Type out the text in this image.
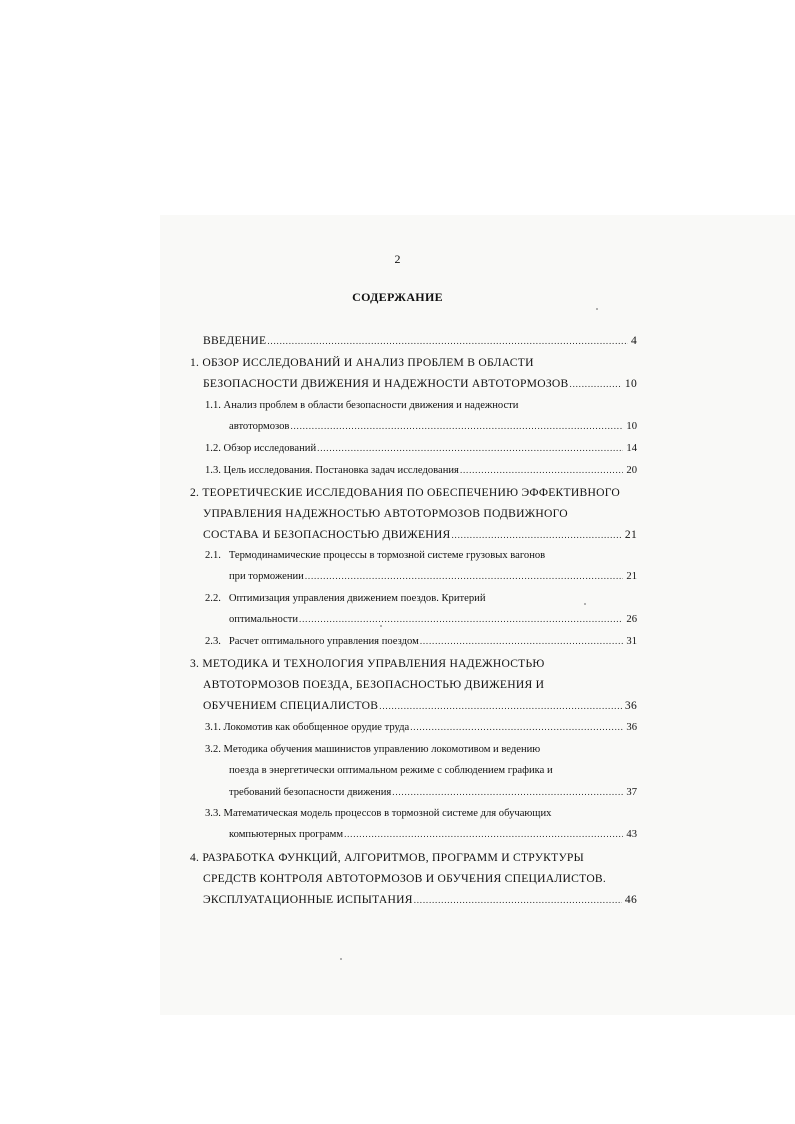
2
СОДЕРЖАНИЕ
ВВЕДЕНИЕ .....	4
1. ОБЗОР ИССЛЕДОВАНИЙ И АНАЛИЗ ПРОБЛЕМ В ОБЛАСТИ
БЕЗОПАСНОСТИ ДВИЖЕНИЯ И НАДЕЖНОСТИ АВТОТОРМОЗОВ .....	10
1.1. Анализ проблем в области безопасности движения и надежности
автотормозов .....	10
1.2. Обзор исследований .....	14
1.3. Цель исследования. Постановка задач исследования .....	20
2. ТЕОРЕТИЧЕСКИЕ ИССЛЕДОВАНИЯ ПО ОБЕСПЕЧЕНИЮ ЭФФЕКТИВНОГО
УПРАВЛЕНИЯ НАДЕЖНОСТЬЮ АВТОТОРМОЗОВ ПОДВИЖНОГО
СОСТАВА И БЕЗОПАСНОСТЬЮ ДВИЖЕНИЯ .....	21
2.1.   Термодинамические процессы в тормозной системе грузовых вагонов
при торможении .....	21
2.2.   Оптимизация управления движением поездов. Критерий
оптимальности .....	26
2.3.   Расчет оптимального управления поездом .....	31
3. МЕТОДИКА И ТЕХНОЛОГИЯ УПРАВЛЕНИЯ НАДЕЖНОСТЬЮ
АВТОТОРМОЗОВ ПОЕЗДА, БЕЗОПАСНОСТЬЮ ДВИЖЕНИЯ И
ОБУЧЕНИЕМ СПЕЦИАЛИСТОВ .....	36
3.1. Локомотив как обобщенное орудие труда .....	36
3.2. Методика обучения машинистов управлению локомотивом и ведению
поезда в энергетически оптимальном режиме с соблюдением графика и
требований безопасности движения .....	37
3.3. Математическая модель процессов в тормозной системе для обучающих
компьютерных программ .....	43
4. РАЗРАБОТКА ФУНКЦИЙ, АЛГОРИТМОВ, ПРОГРАММ И СТРУКТУРЫ
СРЕДСТВ КОНТРОЛЯ АВТОТОРМОЗОВ И ОБУЧЕНИЯ СПЕЦИАЛИСТОВ.
ЭКСПЛУАТАЦИОННЫЕ ИСПЫТАНИЯ .....	46
